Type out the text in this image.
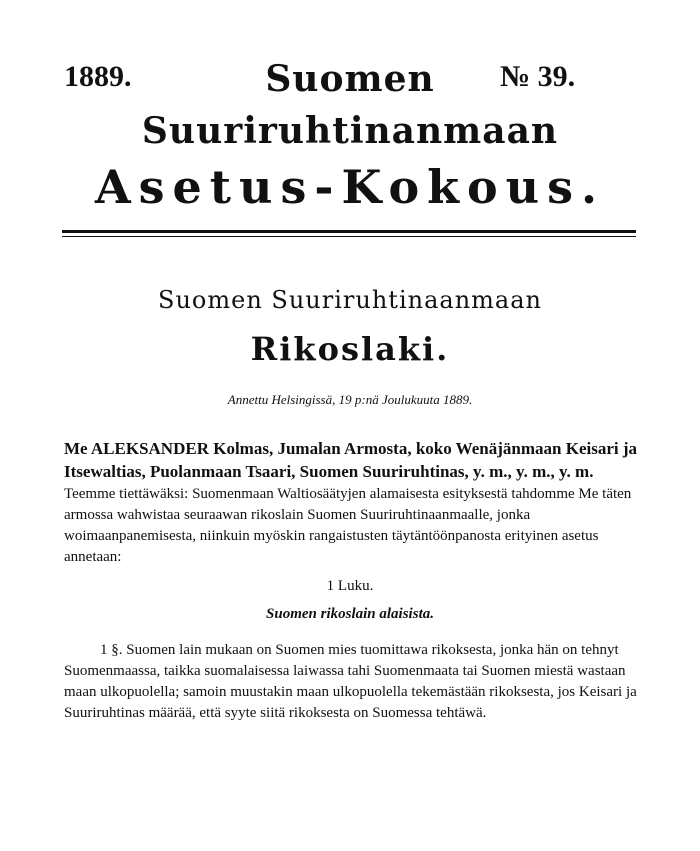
1889.	№ 39.
Suomen
Suuriruhtinanmaan
Asetus-Kokous.
Suomen Suuriruhtinaanmaan
Rikoslaki.
Annettu Helsingissä, 19 p:nä Joulukuuta 1889.
Me ALEKSANDER Kolmas, Jumalan Armosta, koko Wenäjänmaan Keisari ja Itsewaltias, Puolanmaan Tsaari, Suomen Suuriruhtinas, y. m., y. m., y. m. Teemme tiettäwäksi: Suomenmaan Waltiosäätyjen alamaisesta esityksestä tahdomme Me täten armossa wahwistaa seuraawan rikoslain Suomen Suuriruhtinaanmaalle, jonka woimaanpanemisesta, niinkuin myöskin rangaistusten täytäntöönpanosta erityinen asetus annetaan:
1 Luku.
Suomen rikoslain alaisista.
1 §. Suomen lain mukaan on Suomen mies tuomittawa rikoksesta, jonka hän on tehnyt Suomenmaassa, taikka suomalaisessa laiwassa tahi Suomenmaata tai Suomen miestä wastaan maan ulkopuolella; samoin muustakin maan ulkopuolella tekemästään rikoksesta, jos Keisari ja Suuriruhtinas määrää, että syyte siitä rikoksesta on Suomessa tehtäwä.
